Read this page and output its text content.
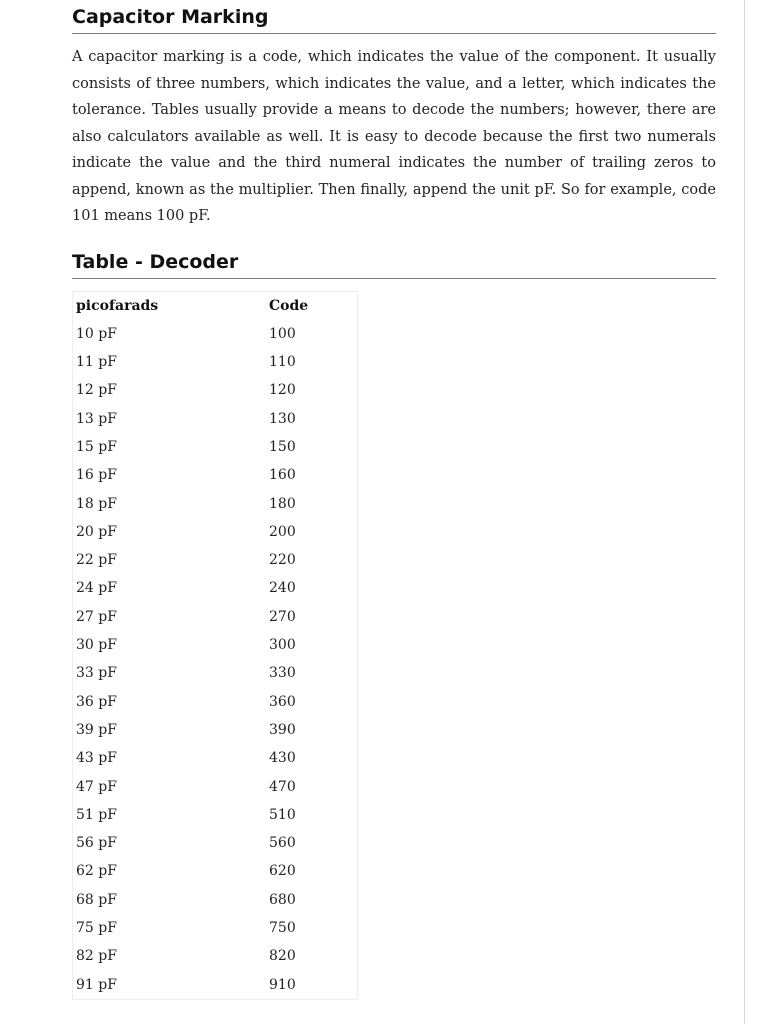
Capacitor Marking

A capacitor marking is a code, which indicates the value of the component. It usually consists of three numbers, which indicates the value, and a letter, which indicates the tolerance. Tables usually provide a means to decode the numbers; however, there are also calculators available as well. It is easy to decode because the first two numerals indicate the value and the third numeral indicates the number of trailing zeros to append, known as the multiplier. Then finally, append the unit pF. So for example, code 101 means 100 pF.

Table - Decoder
picofarads	Code
10 pF	100
11 pF	110
12 pF	120
13 pF	130
15 pF	150
16 pF	160
18 pF	180
20 pF	200
22 pF	220
24 pF	240
27 pF	270
30 pF	300
33 pF	330
36 pF	360
39 pF	390
43 pF	430
47 pF	470
51 pF	510
56 pF	560
62 pF	620
68 pF	680
75 pF	750
82 pF	820
91 pF	910
